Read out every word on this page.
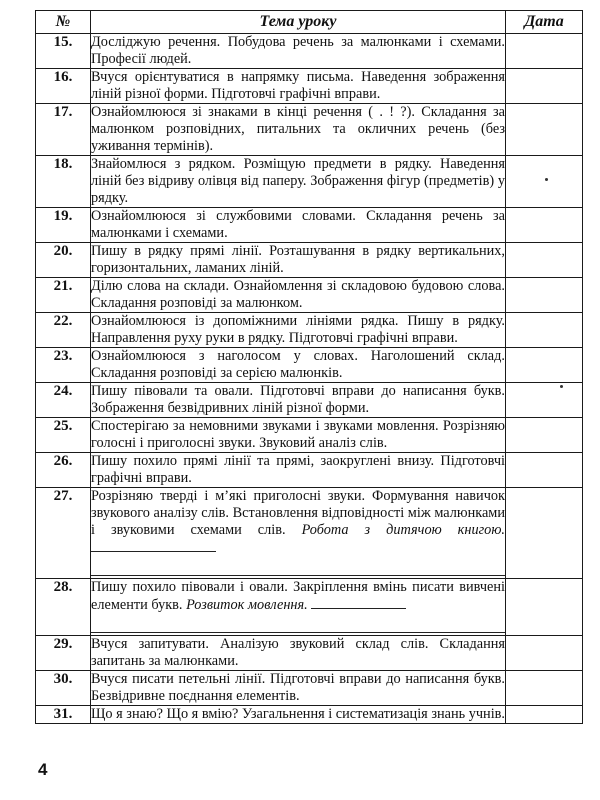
№	Тема уроку	Дата
15.	Досліджую речення. Побудова речень за малюнками і схемами. Професії людей.	
16.	Вчуся орієнтуватися в напрямку письма. Наведення зображення ліній різної форми. Підготовчі графічні вправи.	
17.	Ознайомлююся зі знаками в кінці речення ( . ! ?). Складання за малюнком розповідних, питальних та окличних речень (без уживання термінів).	
18.	Знайомлюся з рядком. Розміщую предмети в рядку. Наведення ліній без відриву олівця від паперу. Зображення фігур (предметів) у рядку.	
19.	Ознайомлююся зі службовими словами. Складання речень за малюнками і схемами.	
20.	Пишу в рядку прямі лінії. Розташування в рядку вертикальних, горизонтальних, ламаних ліній.	
21.	Ділю слова на склади. Ознайомлення зі складовою будовою слова. Складання розповіді за малюнком.	
22.	Ознайомлююся із допоміжними лініями рядка. Пишу в рядку. Направлення руху руки в рядку. Підготовчі графічні вправи.	
23.	Ознайомлююся з наголосом у словах. Наголошений склад. Складання розповіді за серією малюнків.	
24.	Пишу півовали та овали. Підготовчі вправи до написання букв. Зображення безвідривних ліній різної форми.	
25.	Спостерігаю за немовними звуками і звуками мовлення. Розрізняю голосні і приголосні звуки. Звуковий аналіз слів.	
26.	Пишу похило прямі лінії та прямі, заокруглені внизу. Підготовчі графічні вправи.	
27.	Розрізняю тверді і м’які приголосні звуки. Формування навичок звукового аналізу слів. Встановлення відповідності між малюнками і звуковими схемами слів. Робота з дитячою книгою.

28.	Пишу похило півовали і овали. Закріплення вмінь писати вивчені елементи букв. Розвиток мовлення.

29.	Вчуся запитувати. Аналізую звуковий склад слів. Складання запитань за малюнками.	
30.	Вчуся писати петельні лінії. Підготовчі вправи до написання букв. Безвідривне поєднання елементів.	
31.	Що я знаю? Що я вмію? Узагальнення і систематизація знань учнів.	
4
